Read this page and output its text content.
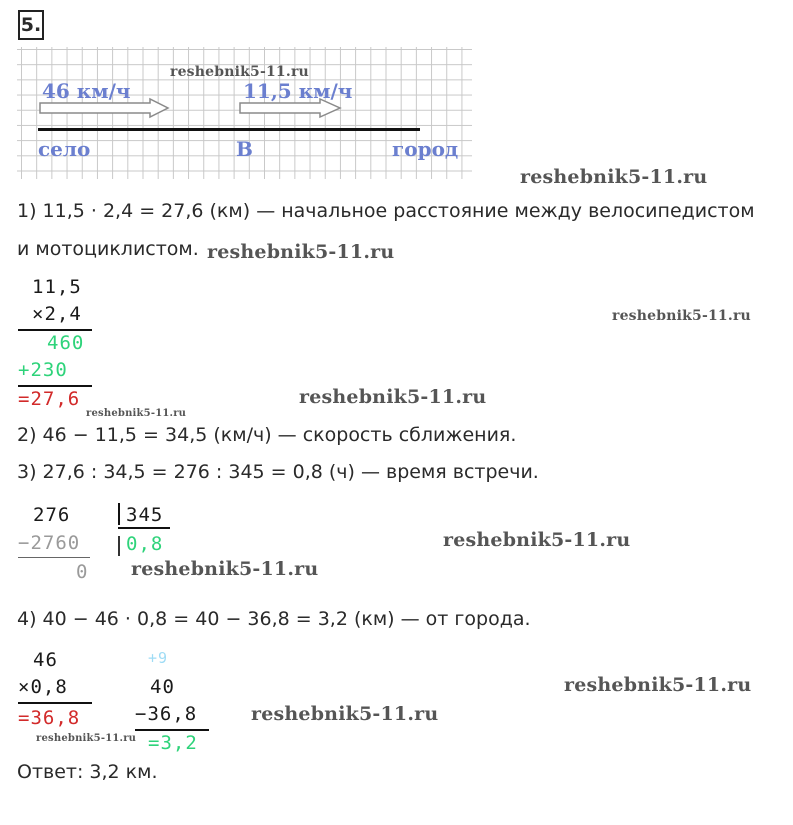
5.
46 км/ч	11,5 км/ч
село	В	город
reshebnik5-11.ru
reshebnik5-11.ru
reshebnik5-11.ru
reshebnik5-11.ru
reshebnik5-11.ru
reshebnik5-11.ru
reshebnik5-11.ru
reshebnik5-11.ru
reshebnik5-11.ru
reshebnik5-11.ru
reshebnik5-11.ru
1) 11,5 · 2,4 = 27,6 (км) — начальное расстояние между велосипедистом
и мотоциклистом.
11,5
×2,4
460
+230
=27,6
2) 46 − 11,5 = 34,5 (км/ч) — скорость сближения.
3) 27,6 : 34,5 = 276 : 345 = 0,8 (ч) — время встречи.
276	345
−2760 0,8
0
4) 40 − 46 · 0,8 = 40 − 36,8 = 3,2 (км) — от города.
46
×0,8
=36,8
+9
40
−36,8
=3,2
Ответ: 3,2 км.
